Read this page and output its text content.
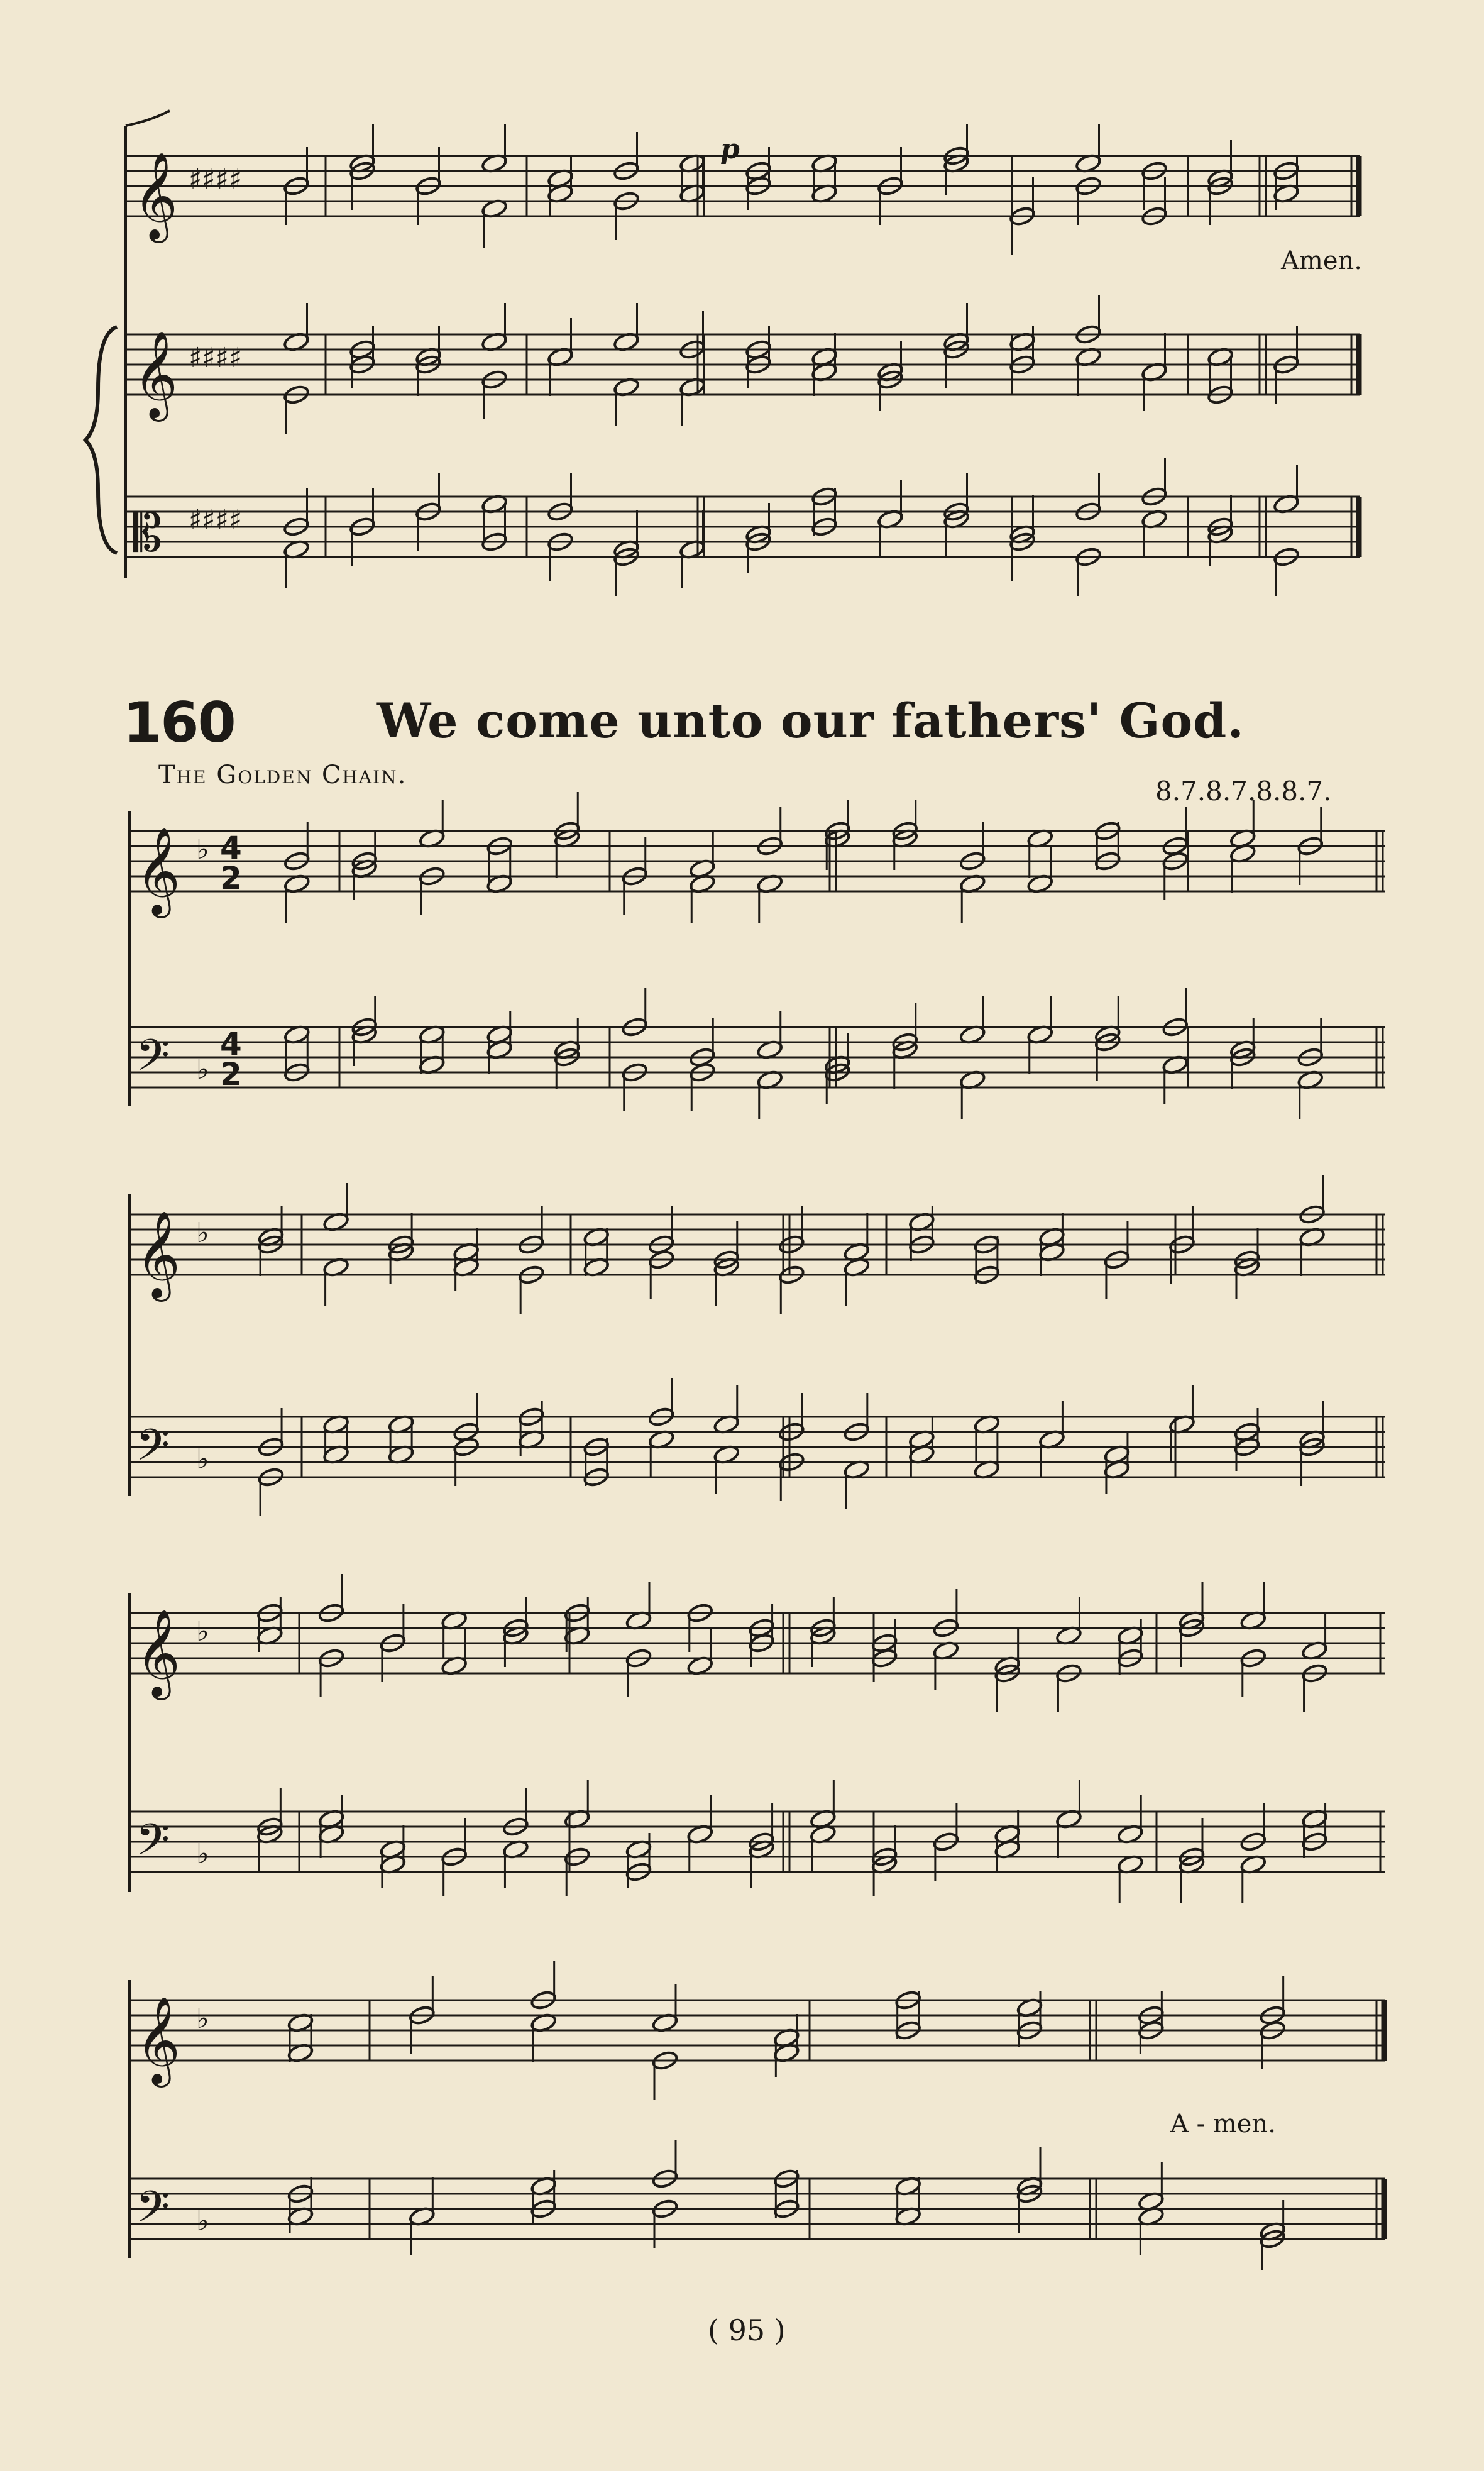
𝄞
𝄞
𝄡
♯♯♯♯
♯♯♯♯
♯♯♯♯
𝄞
𝄢
♭
♭
4
2
4
2
𝄞
𝄢
♭
♭
𝄞
𝄢
♭
♭
𝄞
𝄢
♭
♭
p
Amen.
160	We come unto our fathers' God.
The Golden Chain.
8.7.8.7.8.8.7.
A - men.
( 95 )
